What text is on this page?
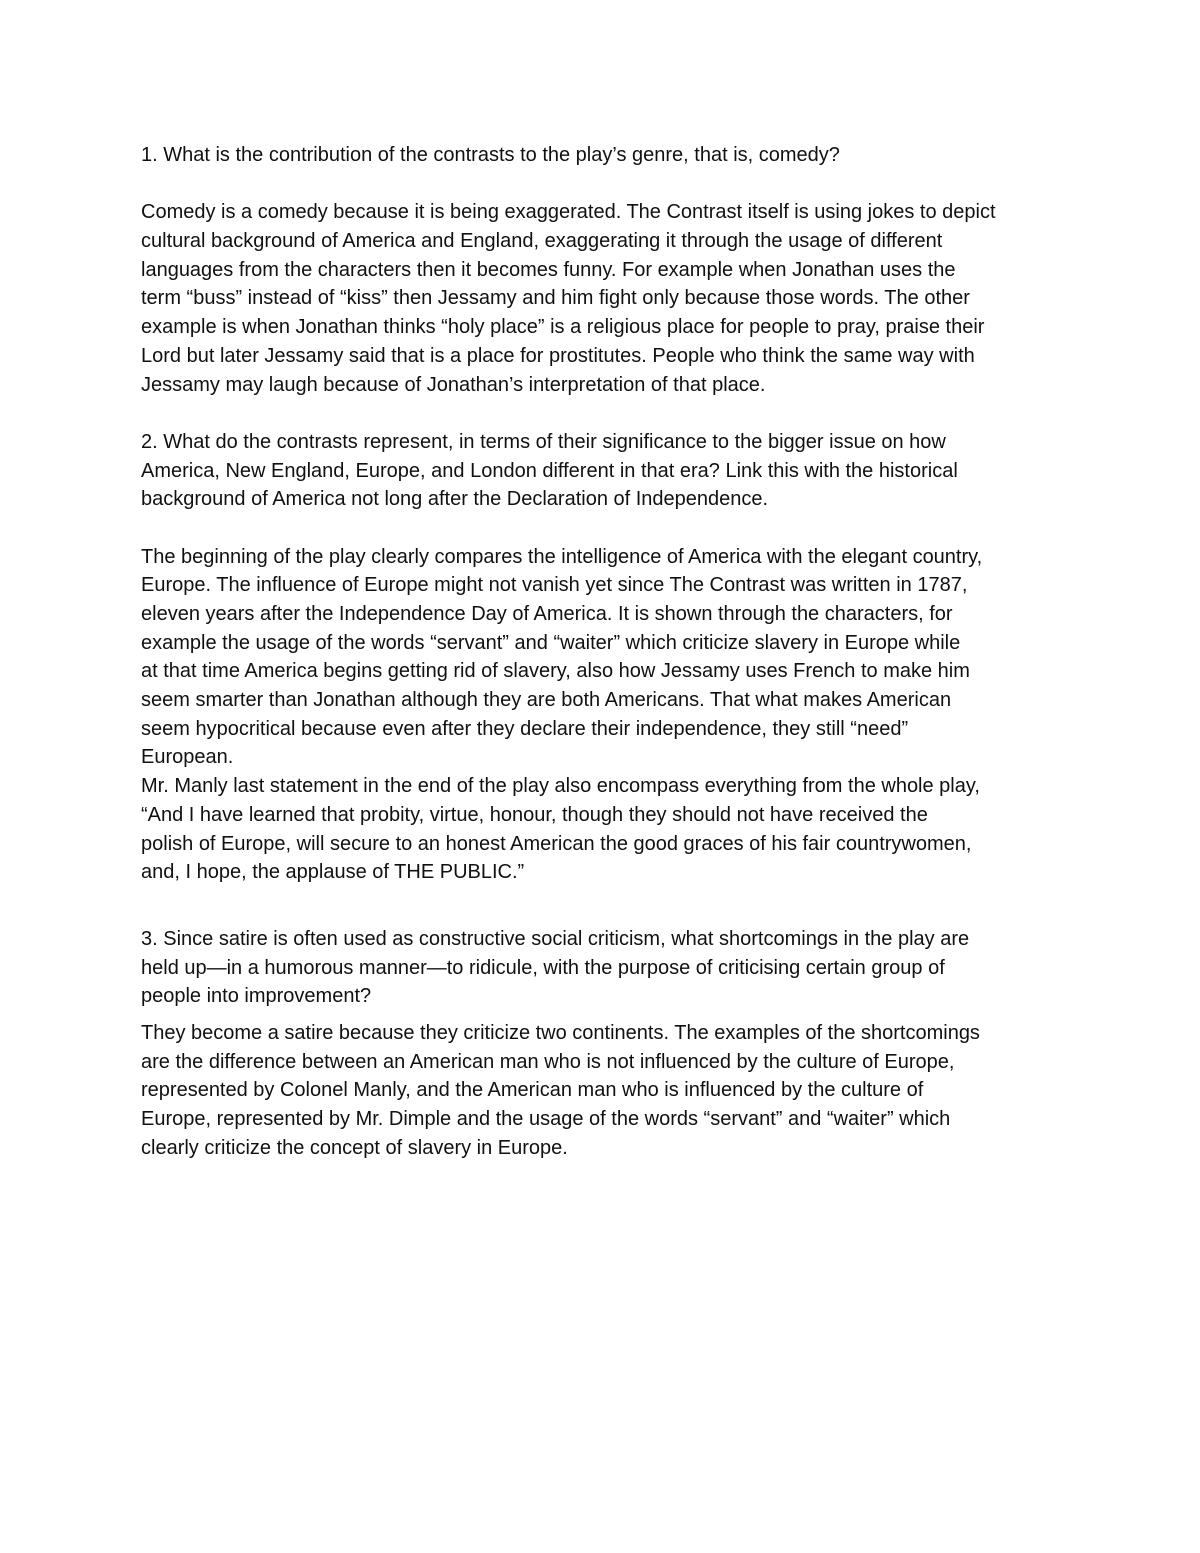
1. What is the contribution of the contrasts to the play’s genre, that is, comedy?
Comedy is a comedy because it is being exaggerated. The Contrast itself is using jokes to depict
cultural background of America and England, exaggerating it through the usage of different
languages from the characters then it becomes funny. For example when Jonathan uses the
term “buss” instead of “kiss” then Jessamy and him fight only because those words. The other
example is when Jonathan thinks “holy place” is a religious place for people to pray, praise their
Lord but later Jessamy said that is a place for prostitutes. People who think the same way with
Jessamy may laugh because of Jonathan’s interpretation of that place.
2. What do the contrasts represent, in terms of their significance to the bigger issue on how
America, New England, Europe, and London different in that era? Link this with the historical
background of America not long after the Declaration of Independence.
The beginning of the play clearly compares the intelligence of America with the elegant country,
Europe. The influence of Europe might not vanish yet since The Contrast was written in 1787,
eleven years after the Independence Day of America. It is shown through the characters, for
example the usage of the words “servant” and “waiter” which criticize slavery in Europe while
at that time America begins getting rid of slavery, also how Jessamy uses French to make him
seem smarter than Jonathan although they are both Americans. That what makes American
seem hypocritical because even after they declare their independence, they still “need”
European.
Mr. Manly last statement in the end of the play also encompass everything from the whole play,
“And I have learned that probity, virtue, honour, though they should not have received the
polish of Europe, will secure to an honest American the good graces of his fair countrywomen,
and, I hope, the applause of THE PUBLIC.”
3. Since satire is often used as constructive social criticism, what shortcomings in the play are
held up—in a humorous manner—to ridicule, with the purpose of criticising certain group of
people into improvement?
They become a satire because they criticize two continents. The examples of the shortcomings
are the difference between an American man who is not influenced by the culture of Europe,
represented by Colonel Manly, and the American man who is influenced by the culture of
Europe, represented by Mr. Dimple and the usage of the words “servant” and “waiter” which
clearly criticize the concept of slavery in Europe.
